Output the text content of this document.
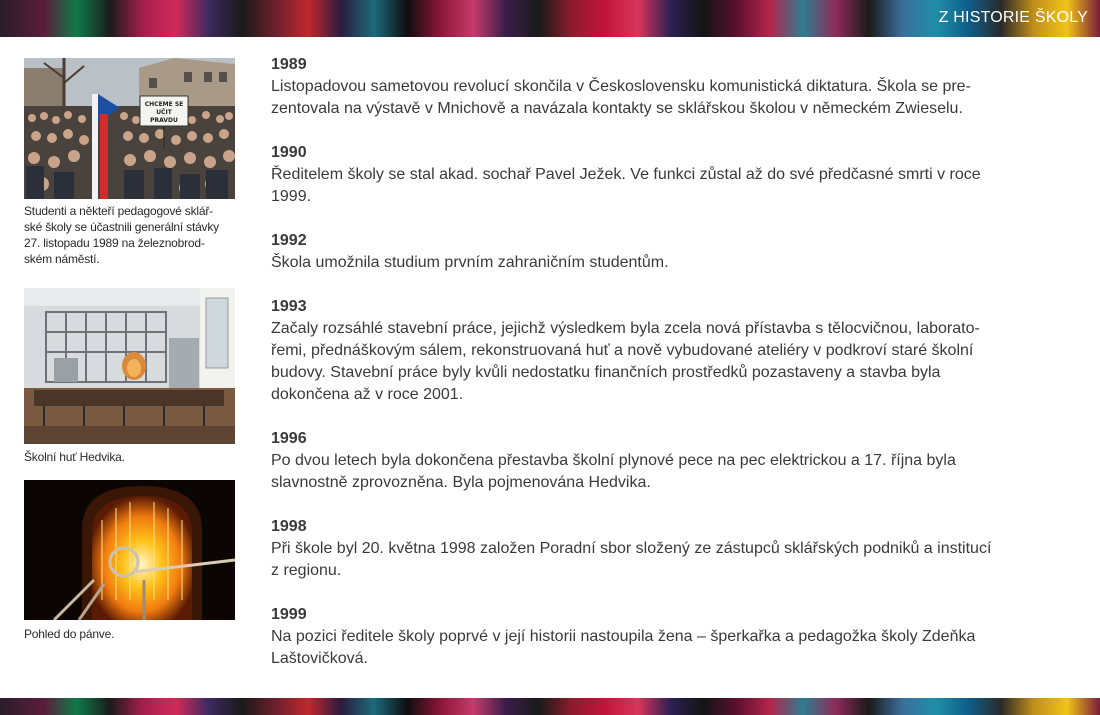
Z HISTORIE ŠKOLY
CHCEME SE
UČIT
PRAVDU
Studenti a někteří pedagogové sklář-
ské školy se účastnili generální stávky
27. listopadu 1989 na železnobrod-
ském náměstí.
Školní huť Hedvika.
Pohled do pánve.
1989
Listopadovou sametovou revolucí skončila v Československu komunistická diktatura. Škola se pre-
zentovala na výstavě v Mnichově a navázala kontakty se sklářskou školou v německém Zwieselu.
1990
Ředitelem školy se stal akad. sochař Pavel Ježek. Ve funkci zůstal až do své předčasné smrti v roce
1999.
1992
Škola umožnila studium prvním zahraničním studentům.
1993
Začaly rozsáhlé stavební práce, jejichž výsledkem byla zcela nová přístavba s tělocvičnou, laborato-
řemi, přednáškovým sálem, rekonstruovaná huť a nově vybudované ateliéry v podkroví staré školní
budovy. Stavební práce byly kvůli nedostatku finančních prostředků pozastaveny a stavba byla
dokončena až v roce 2001.
1996
Po dvou letech byla dokončena přestavba školní plynové pece na pec elektrickou a 17. října byla
slavnostně zprovozněna. Byla pojmenována Hedvika.
1998
Při škole byl 20. května 1998 založen Poradní sbor složený ze zástupců sklářských podniků a institucí
z regionu.
1999
Na pozici ředitele školy poprvé v její historii nastoupila žena – šperkařka a pedagožka školy Zdeňka
Laštovičková.
